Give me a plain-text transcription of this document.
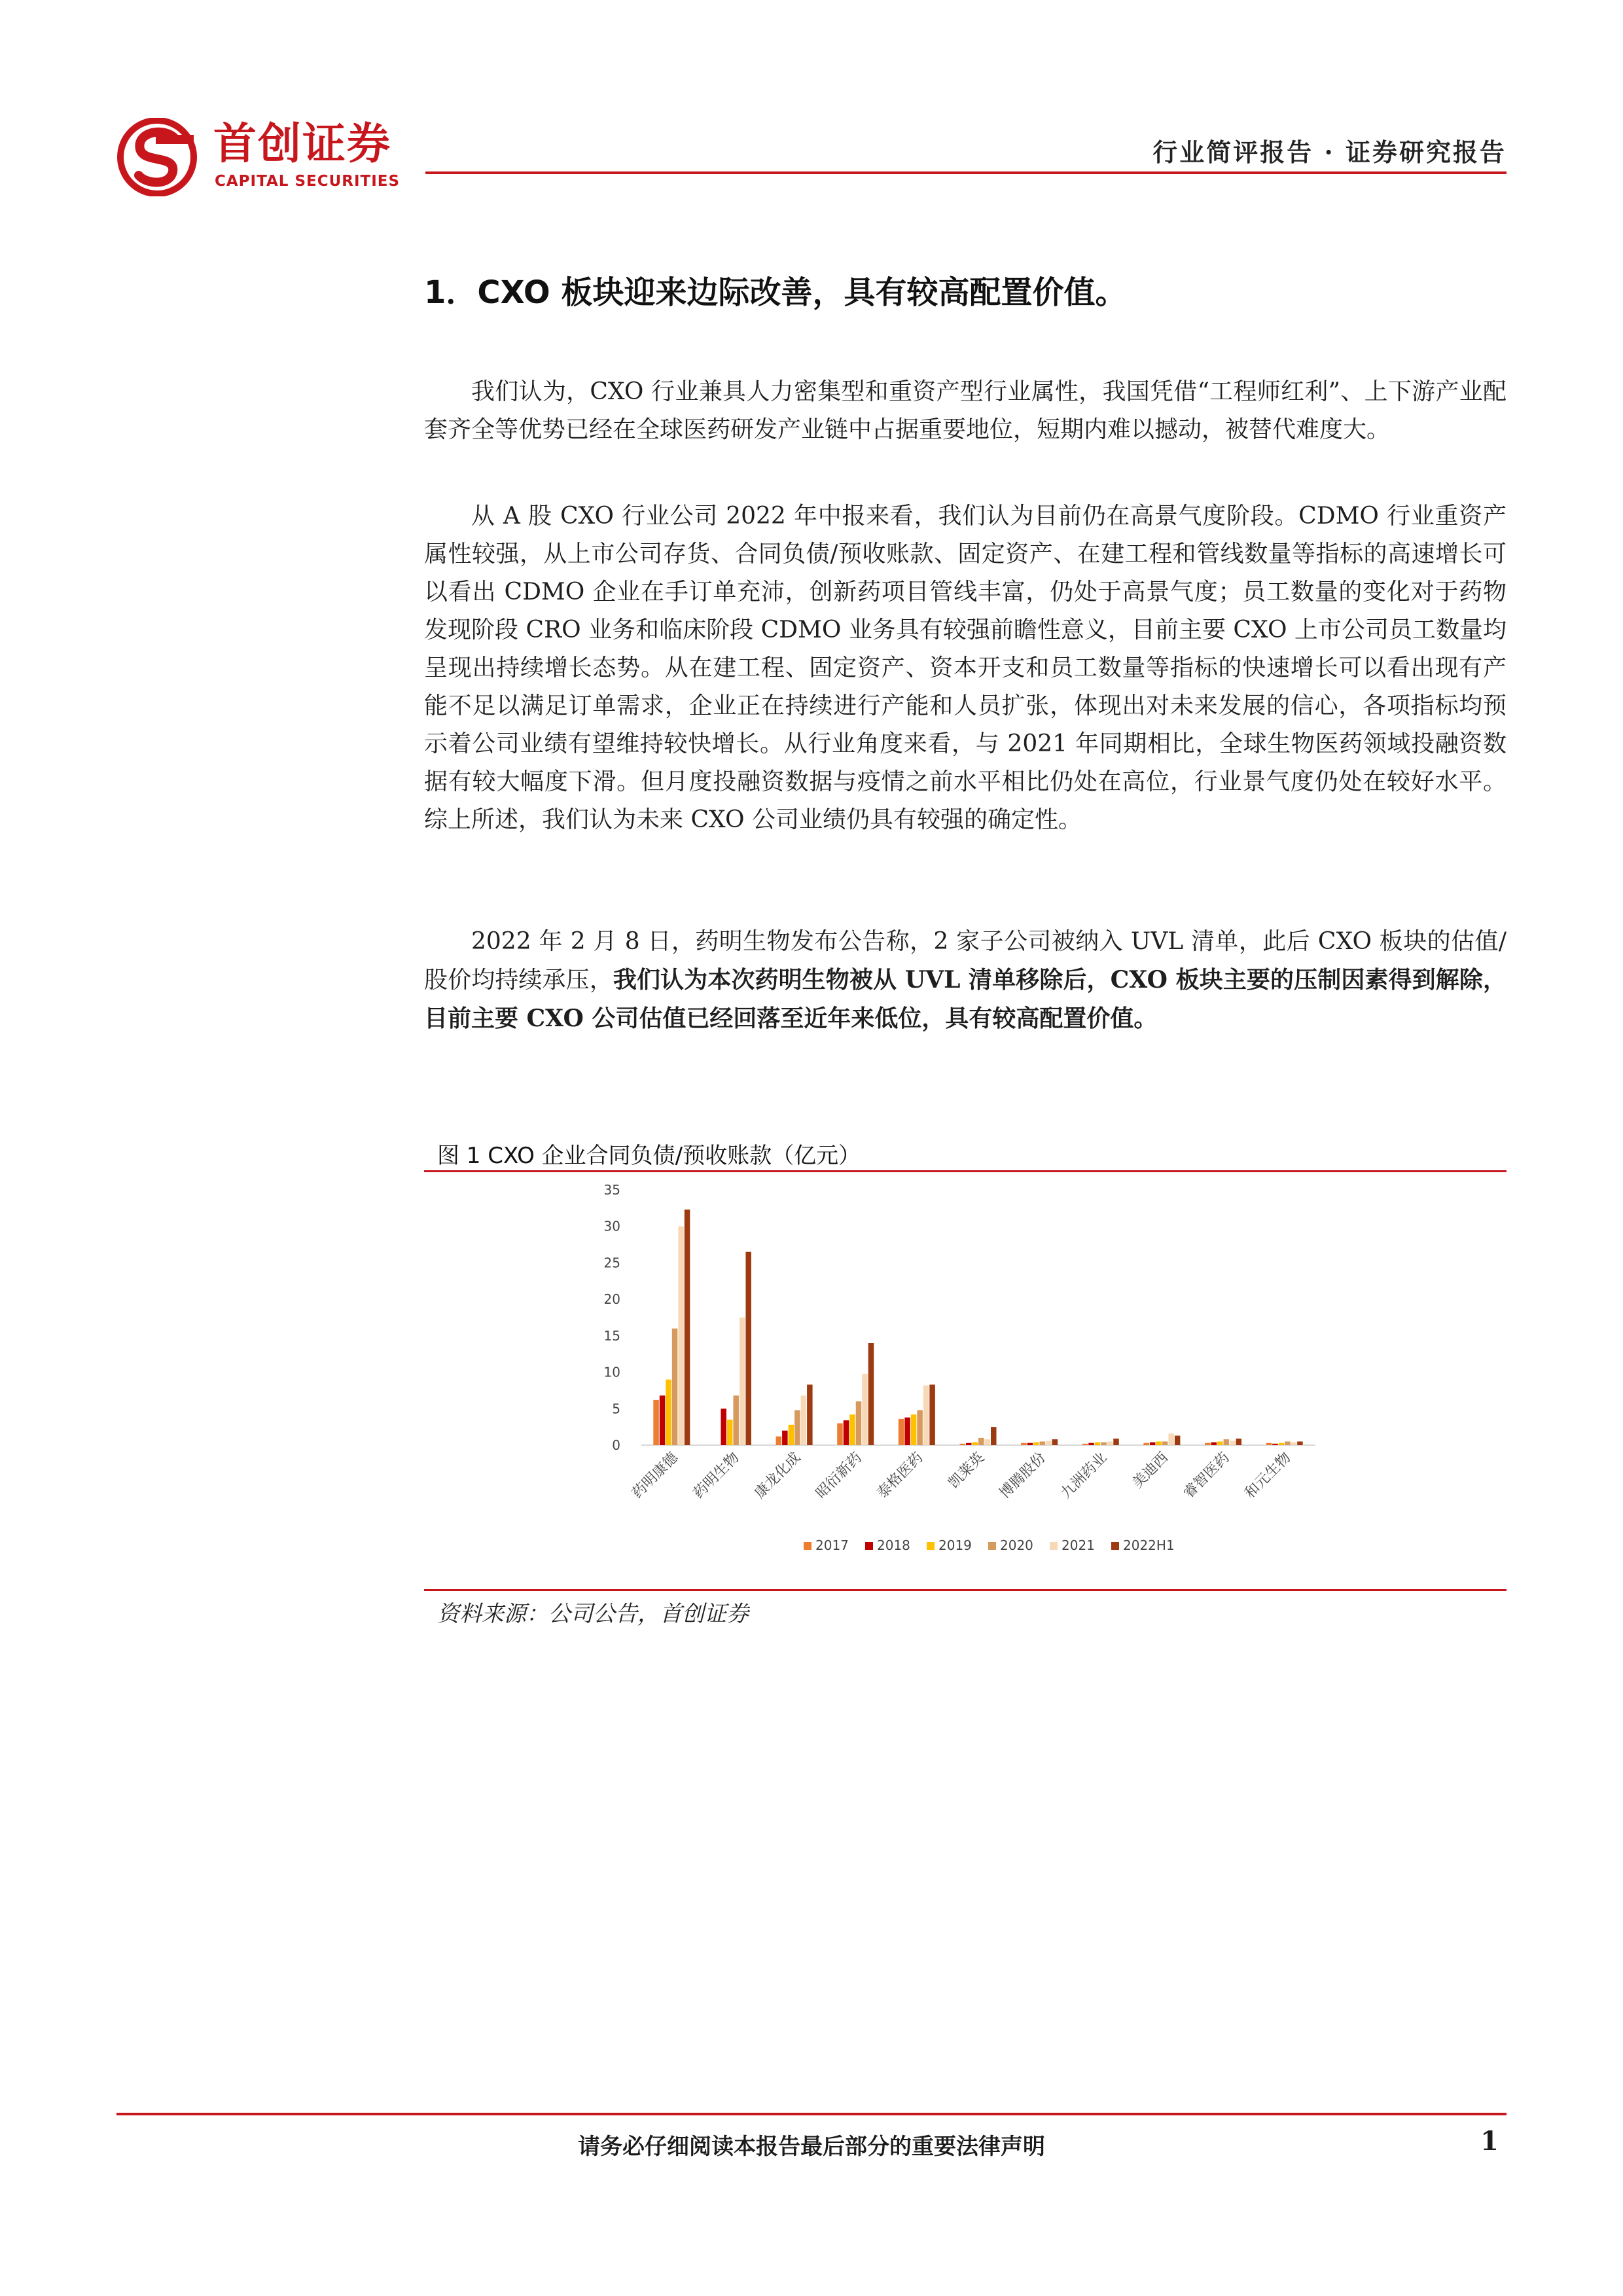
首创证券
CAPITAL SECURITIES
行业简评报告 · 证券研究报告
1．CXO 板块迎来边际改善，具有较高配置价值。

我们认为，CXO 行业兼具人力密集型和重资产型行业属性，我国凭借“工程师红利”、上下游产业配套齐全等优势已经在全球医药研发产业链中占据重要地位，短期内难以撼动，被替代难度大。

从 A 股 CXO 行业公司 2022 年中报来看，我们认为目前仍在高景气度阶段。CDMO 行业重资产属性较强，从上市公司存货、合同负债/预收账款、固定资产、在建工程和管线数量等指标的高速增长可以看出 CDMO 企业在手订单充沛，创新药项目管线丰富，仍处于高景气度；员工数量的变化对于药物发现阶段 CRO 业务和临床阶段 CDMO 业务具有较强前瞻性意义，目前主要 CXO 上市公司员工数量均呈现出持续增长态势。从在建工程、固定资产、资本开支和员工数量等指标的快速增长可以看出现有产能不足以满足订单需求，企业正在持续进行产能和人员扩张，体现出对未来发展的信心，各项指标均预示着公司业绩有望维持较快增长。从行业角度来看，与 2021 年同期相比，全球生物医药领域投融资数据有较大幅度下滑。但月度投融资数据与疫情之前水平相比仍处在高位，行业景气度仍处在较好水平。综上所述，我们认为未来 CXO 公司业绩仍具有较强的确定性。

2022 年 2 月 8 日，药明生物发布公告称，2 家子公司被纳入 UVL 清单，此后 CXO 板块的估值/股价均持续承压，我们认为本次药明生物被从 UVL 清单移除后，CXO 板块主要的压制因素得到解除，目前主要 CXO 公司估值已经回落至近年来低位，具有较高配置价值。

图 1 CXO 企业合同负债/预收账款（亿元）
0
5
10
15
20
25
30
35
药明康德 药明生物 康龙化成 昭衍新药 泰格医药 凯莱英 博腾股份 九洲药业 美迪西 睿智医药 和元生物
2017 2018 2019 2020 2021 2022H1
资料来源：公司公告，首创证券
请务必仔细阅读本报告最后部分的重要法律声明	1
